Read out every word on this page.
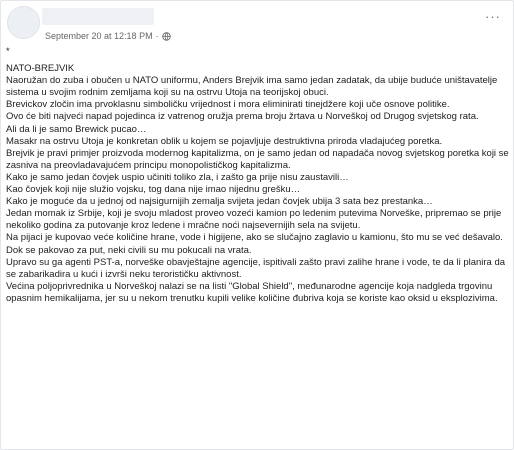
September 20 at 12:18 PM ·
···

*

NATO-BREJVIK

Naoružan do zuba i obučen u NATO uniformu, Anders Brejvik ima samo jedan zadatak, da ubije buduće uništavatelje sistema u svojim rodnim zemljama koji su na ostrvu Utoja na teorijskoj obuci.

Brevickov zločin ima prvoklasnu simboličku vrijednost i mora eliminirati tinejdžere koji uče osnove politike.

Ovo će biti najveći napad pojedinca iz vatrenog oružja prema broju žrtava u Norveškoj od Drugog svjetskog rata.

Ali da li je samo Brewick pucao…

Masakr na ostrvu Utoja je konkretan oblik u kojem se pojavljuje destruktivna priroda vladajućeg poretka.

Brejvik je pravi primjer proizvoda modernog kapitalizma, on je samo jedan od napadača novog svjetskog poretka koji se zasniva na preovladavajućem principu monopolističkog kapitalizma.

Kako je samo jedan čovjek uspio učiniti toliko zla, i zašto ga prije nisu zaustavili…

Kao čovjek koji nije služio vojsku, tog dana nije imao nijednu grešku…

Kako je moguće da u jednoj od najsigurnijih zemalja svijeta jedan čovjek ubija 3 sata bez prestanka…

Jedan momak iz Srbije, koji je svoju mladost proveo vozeći kamion po ledenim putevima Norveške, pripremao se prije nekoliko godina za putovanje kroz ledene i mračne noći najsevernijih sela na svijetu.

Na pijaci je kupovao veće količine hrane, vode i higijene, ako se slučajno zaglavio u kamionu, što mu se već dešavalo.

Dok se pakovao za put, neki civili su mu pokucali na vrata.

Upravo su ga agenti PST-a, norveške obavještajne agencije, ispitivali zašto pravi zalihe hrane i vode, te da li planira da se zabarikadira u kući i izvrši neku terorističku aktivnost.

Većina poljoprivrednika u Norveškoj nalazi se na listi "Global Shield", međunarodne agencije koja nadgleda trgovinu opasnim hemikalijama, jer su u nekom trenutku kupili velike količine đubriva koja se koriste kao oksid u eksplozivima.
